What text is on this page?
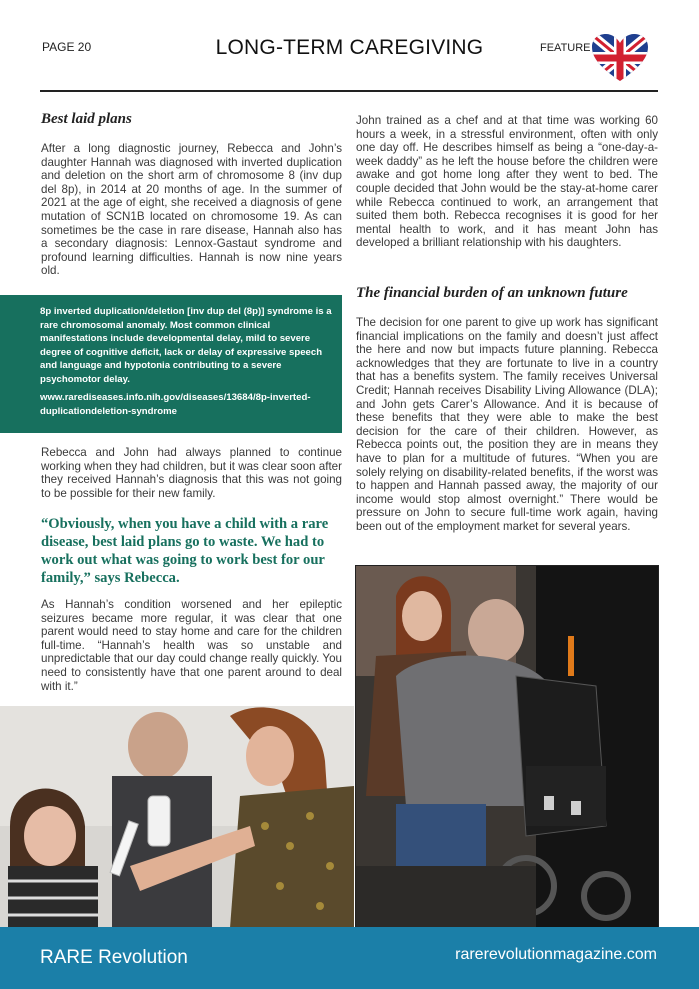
PAGE 20	LONG-TERM CAREGIVING	FEATURE
Best laid plans

After a long diagnostic journey, Rebecca and John’s daughter Hannah was diagnosed with inverted duplication and deletion on the short arm of chromosome 8 (inv dup del 8p), in 2014 at 20 months of age. In the summer of 2021 at the age of eight, she received a diagnosis of gene mutation of SCN1B located on chromosome 19. As can sometimes be the case in rare disease, Hannah also has a secondary diagnosis: Lennox-Gastaut syndrome and profound learning difficulties. Hannah is now nine years old.

8p inverted duplication/deletion [inv dup del (8p)] syndrome is a rare chromosomal anomaly. Most common clinical manifestations include developmental delay, mild to severe degree of cognitive deficit, lack or delay of expressive speech and language and hypotonia contributing to a severe psychomotor delay.
www.rarediseases.info.nih.gov/diseases/13684/8p-inverted-duplicationdeletion-syndrome

Rebecca and John had always planned to continue working when they had children, but it was clear soon after they received Hannah’s diagnosis that this was not going to be possible for their new family.

“Obviously, when you have a child with a rare disease, best laid plans go to waste. We had to work out what was going to work best for our family,” says Rebecca.

As Hannah’s condition worsened and her epileptic seizures became more regular, it was clear that one parent would need to stay home and care for the children full-time. “Hannah’s health was so unstable and unpredictable that our day could change really quickly. You need to consistently have that one parent around to deal with it.”

John trained as a chef and at that time was working 60 hours a week, in a stressful environment, often with only one day off. He describes himself as being a “one-day-a-week daddy” as he left the house before the children were awake and got home long after they went to bed. The couple decided that John would be the stay-at-home carer while Rebecca continued to work, an arrangement that suited them both. Rebecca recognises it is good for her mental health to work, and it has meant John has developed a brilliant relationship with his daughters.

The financial burden of an unknown future

The decision for one parent to give up work has significant financial implications on the family and doesn’t just affect the here and now but impacts future planning. Rebecca acknowledges that they are fortunate to live in a country that has a benefits system. The family receives Universal Credit; Hannah receives Disability Living Allowance (DLA); and John gets Carer’s Allowance. And it is because of these benefits that they were able to make the best decision for the care of their children. However, as Rebecca points out, the position they are in means they have to plan for a multitude of futures. “When you are solely relying on disability-related benefits, if the worst was to happen and Hannah passed away, the majority of our income would stop almost overnight.” There would be pressure on John to secure full-time work again, having been out of the employment market for several years.

RARE Revolution	rarerevolutionmagazine.com
